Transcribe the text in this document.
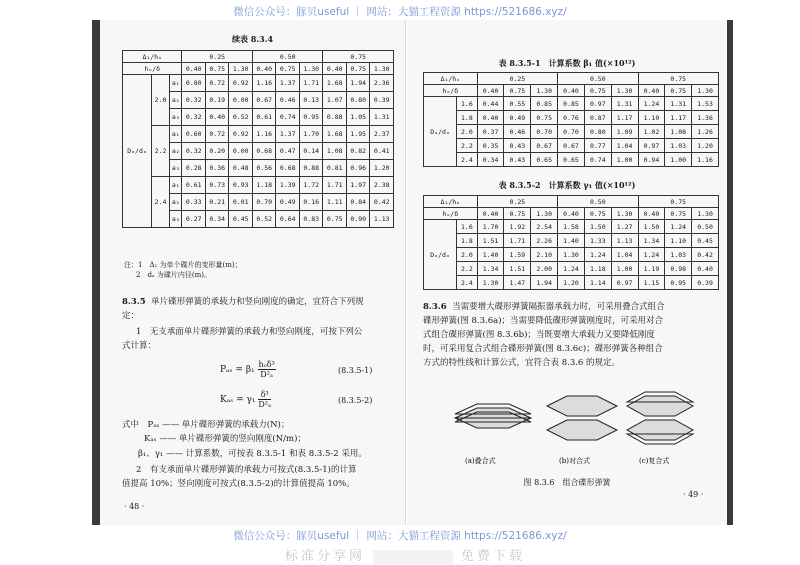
微信公众号：豚贝useful ｜ 网站：大猫工程资源 https://521686.xyz/
续表 8.3.4
Δ₁/hₒ			0.25			0.50			0.75		
hₒ/δ			0.40	0.75	1.30	0.40	0.75	1.30	0.40	0.75	1.30
Dₐ/dₐ	2.0	a₁	0.80	0.72	0.92	1.16	1.37	1.71	1.68	1.94	2.36
		a₂	0.32	0.19	0.00	0.67	0.46	0.13	1.07	0.80	0.39
		a₃	0.32	0.40	0.52	0.61	0.74	0.95	0.88	1.05	1.31
	2.2	a₁	0.60	0.72	0.92	1.16	1.37	1.70	1.68	1.95	2.37
		a₂	0.32	0.20	0.00	0.68	0.47	0.14	1.08	0.82	0.41
		a₃	0.28	0.36	0.48	0.56	0.68	0.88	0.81	0.96	1.20
	2.4	a₁	0.61	0.73	0.93	1.18	1.39	1.72	1.71	1.97	2.38
		a₂	0.33	0.21	0.01	0.70	0.49	0.16	1.11	0.84	0.42
		a₃	0.27	0.34	0.45	0.52	0.64	0.83	0.75	0.90	1.13
注：1　Δ₁ 为单个碟片的变形量(m)；
2　dₐ 为碟片内径(m)。
8.3.5 单片碟形弹簧的承载力和竖向刚度的确定，宜符合下列规
定：
1　无支承面单片碟形弹簧的承载力和竖向刚度，可按下列公
式计算：
$P_{as} = \beta_1 \frac{\text{hₒδ³}}{\text{D²ₐ}}$	(8.3.5-1)
$K_{as} = \gamma_1 \frac{\text{δ³}}{\text{D²ₐ}}$	(8.3.5-2)
式中　Pₐₛ —— 单片碟形弹簧的承载力(N)；
Kₐₛ —— 单片碟形弹簧的竖向刚度(N/m)；
β₁、γ₁ —— 计算系数，可按表 8.3.5-1 和表 8.3.5-2 采用。
2　有支承面单片碟形弹簧的承载力可按式(8.3.5-1)的计算
值提高 10%；竖向刚度可按式(8.3.5-2)的计算值提高 10%。
· 48 ·
表 8.3.5-1　计算系数 β₁ 值(×10¹²)
Δ₁/hₒ		0.25			0.50			0.75		
hₒ/δ		0.40	0.75	1.30	0.40	0.75	1.30	0.40	0.75	1.30
Dₐ/dₐ	1.6	0.44	0.55	0.85	0.85	0.97	1.31	1.24	1.31	1.53
	1.8	0.40	0.49	0.75	0.76	0.87	1.17	1.10	1.17	1.36
	2.0	0.37	0.46	0.70	0.70	0.80	1.09	1.02	1.08	1.26
	2.2	0.35	0.43	0.67	0.67	0.77	1.04	0.97	1.03	1.20
	2.4	0.34	0.43	0.65	0.65	0.74	1.00	0.94	1.00	1.16
表 8.3.5-2　计算系数 γ₁ 值(×10¹²)
Δ₁/hₒ		0.25			0.50			0.75		
hₒ/δ		0.40	0.75	1.30	0.40	0.75	1.30	0.40	0.75	1.30
Dₐ/dₐ	1.6	1.70	1.92	2.54	1.58	1.50	1.27	1.50	1.24	0.50
	1.8	1.51	1.71	2.26	1.40	1.33	1.13	1.34	1.10	0.45
	2.0	1.40	1.59	2.10	1.30	1.24	1.04	1.24	1.03	0.42
	2.2	1.34	1.51	2.00	1.24	1.18	1.00	1.19	0.98	0.40
	2.4	1.30	1.47	1.94	1.20	1.14	0.97	1.15	0.95	0.39
8.3.6 当需要增大碟形弹簧隔振器承载力时，可采用叠合式组合
碟形弹簧(图 8.3.6a)；当需要降低碟形弹簧刚度时，可采用对合
式组合碟形弹簧(图 8.3.6b)；当既要增大承载力又要降低刚度
时，可采用复合式组合碟形弹簧(图 8.3.6c)；碟形弹簧各种组合
方式的特性线和计算公式，宜符合表 8.3.6 的规定。
(a)叠合式	(b)对合式	(c)复合式
图 8.3.6　组合碟形弹簧
· 49 ·
微信公众号：豚贝useful ｜ 网站：大猫工程资源 https://521686.xyz/
标准分享网	免费下载
